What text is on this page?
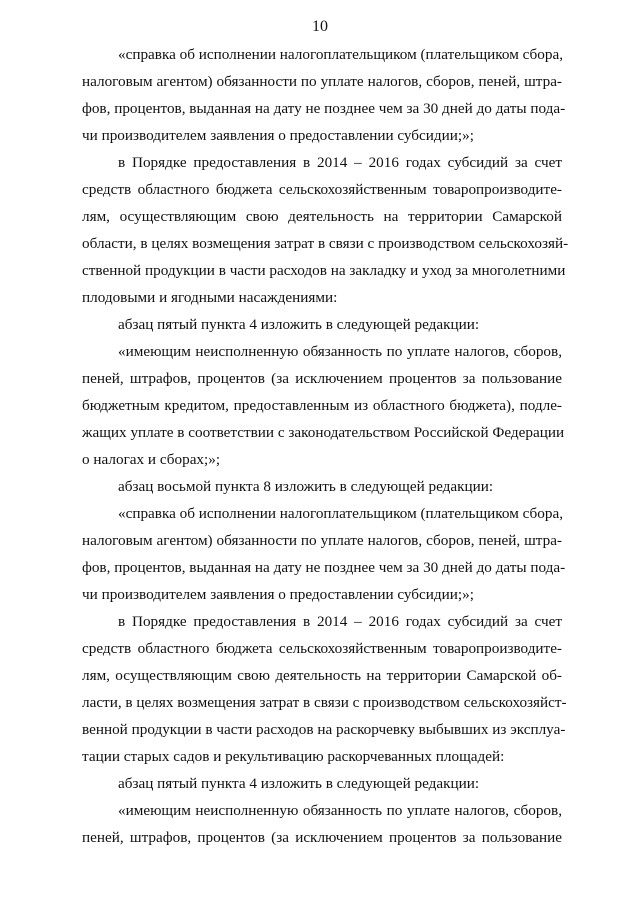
10
«справка об исполнении налогоплательщиком (плательщиком сбора,
налоговым агентом) обязанности по уплате налогов, сборов, пеней, штра-
фов, процентов, выданная на дату не позднее чем за 30 дней до даты пода-
чи производителем заявления о предоставлении субсидии;»;
в Порядке предоставления в 2014 – 2016 годах субсидий за счет
средств областного бюджета сельскохозяйственным товаропроизводите-
лям, осуществляющим свою деятельность на территории Самарской
области, в целях возмещения затрат в связи с производством сельскохозяй-
ственной продукции в части расходов на закладку и уход за многолетними
плодовыми и ягодными насаждениями:
абзац пятый пункта 4 изложить в следующей редакции:
«имеющим неисполненную обязанность по уплате налогов, сборов,
пеней, штрафов, процентов (за исключением процентов за пользование
бюджетным кредитом, предоставленным из областного бюджета), подле-
жащих уплате в соответствии с законодательством Российской Федерации
о налогах и сборах;»;
абзац восьмой пункта 8 изложить в следующей редакции:
«справка об исполнении налогоплательщиком (плательщиком сбора,
налоговым агентом) обязанности по уплате налогов, сборов, пеней, штра-
фов, процентов, выданная на дату не позднее чем за 30 дней до даты пода-
чи производителем заявления о предоставлении субсидии;»;
в Порядке предоставления в 2014 – 2016 годах субсидий за счет
средств областного бюджета сельскохозяйственным товаропроизводите-
лям, осуществляющим свою деятельность на территории Самарской об-
ласти, в целях возмещения затрат в связи с производством сельскохозяйст-
венной продукции в части расходов на раскорчевку выбывших из эксплуа-
тации старых садов и рекультивацию раскорчеванных площадей:
абзац пятый пункта 4 изложить в следующей редакции:
«имеющим неисполненную обязанность по уплате налогов, сборов,
пеней, штрафов, процентов (за исключением процентов за пользование
